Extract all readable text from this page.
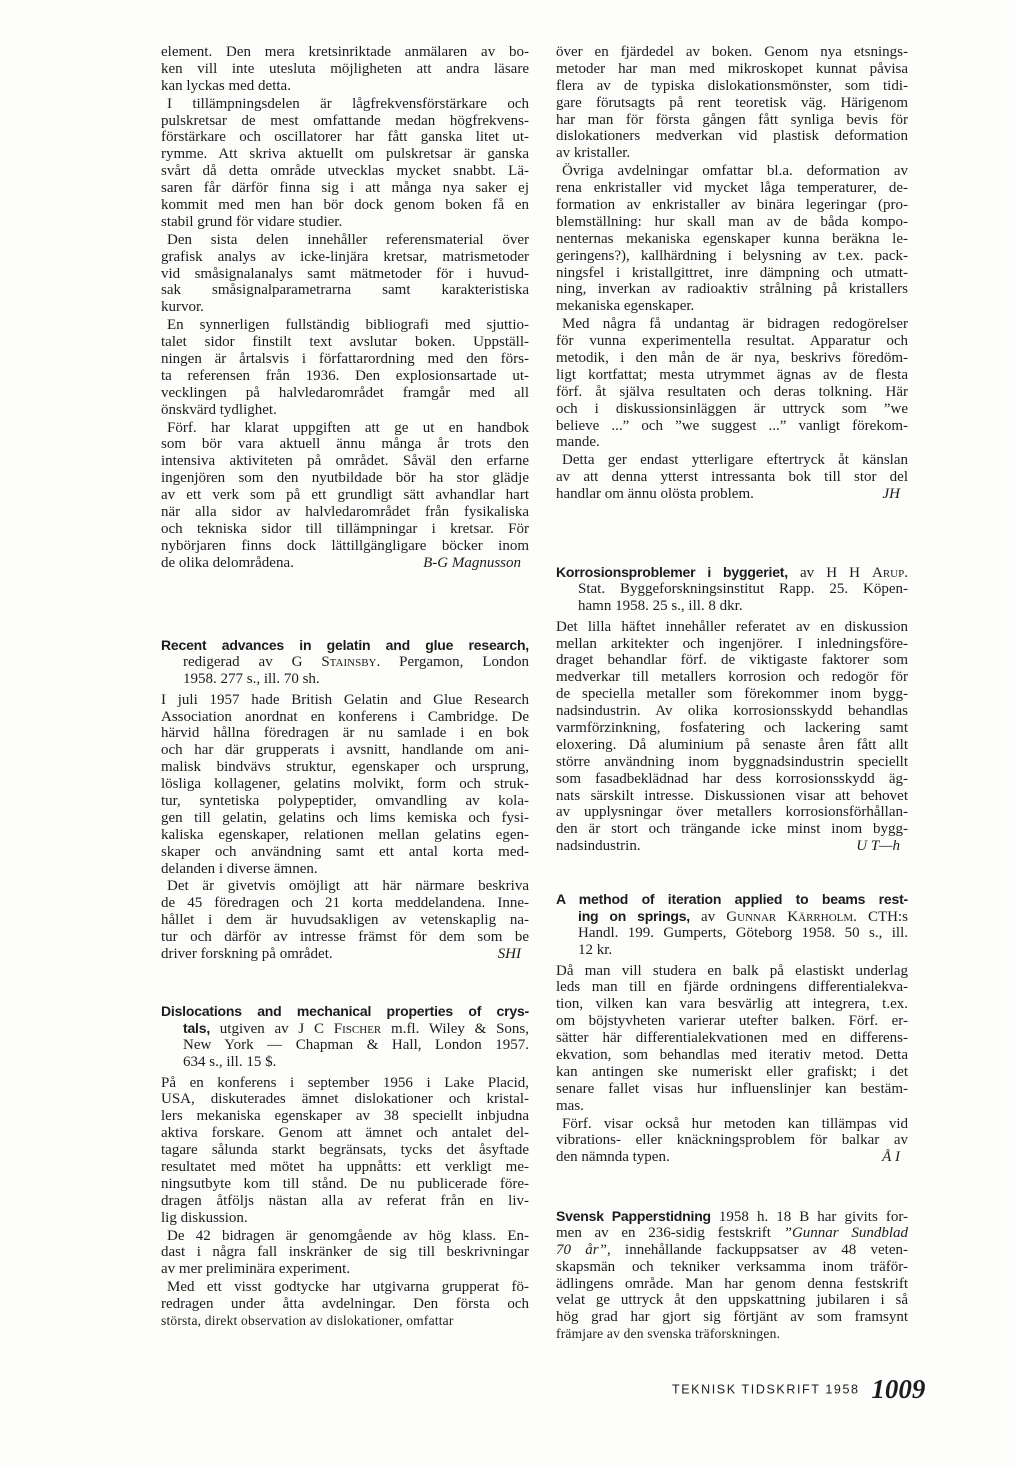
element. Den mera kretsinriktade anmälaren av bo-
ken vill inte utesluta möjligheten att andra läsare
kan lyckas med detta.
I tillämpningsdelen är lågfrekvensförstärkare och
pulskretsar de mest omfattande medan högfrekvens-
förstärkare och oscillatorer har fått ganska litet ut-
rymme. Att skriva aktuellt om pulskretsar är ganska
svårt då detta område utvecklas mycket snabbt. Lä-
saren får därför finna sig i att många nya saker ej
kommit med men han bör dock genom boken få en
stabil grund för vidare studier.
Den sista delen innehåller referensmaterial över
grafisk analys av icke-linjära kretsar, matrismetoder
vid småsignalanalys samt mätmetoder för i huvud-
sak småsignalparametrarna samt karakteristiska
kurvor.
En synnerligen fullständig bibliografi med sjuttio-
talet sidor finstilt text avslutar boken. Uppställ-
ningen är årtalsvis i författarordning med den förs-
ta referensen från 1936. Den explosionsartade ut-
vecklingen på halvledarområdet framgår med all
önskvärd tydlighet.
Förf. har klarat uppgiften att ge ut en handbok
som bör vara aktuell ännu många år trots den
intensiva aktiviteten på området. Såväl den erfarne
ingenjören som den nyutbildade bör ha stor glädje
av ett verk som på ett grundligt sätt avhandlar hart
när alla sidor av halvledarområdet från fysikaliska
och tekniska sidor till tillämpningar i kretsar. För
nybörjaren finns dock lättillgängligare böcker inom
de olika delområdena.	B-G Magnusson
Recent advances in gelatin and glue research,
redigerad av G Stainsby. Pergamon, London
1958. 277 s., ill. 70 sh.
I juli 1957 hade British Gelatin and Glue Research
Association anordnat en konferens i Cambridge. De
härvid hållna föredragen är nu samlade i en bok
och har där grupperats i avsnitt, handlande om ani-
malisk bindvävs struktur, egenskaper och ursprung,
lösliga kollagener, gelatins molvikt, form och struk-
tur, syntetiska polypeptider, omvandling av kola-
gen till gelatin, gelatins och lims kemiska och fysi-
kaliska egenskaper, relationen mellan gelatins egen-
skaper och användning samt ett antal korta med-
delanden i diverse ämnen.
Det är givetvis omöjligt att här närmare beskriva
de 45 föredragen och 21 korta meddelandena. Inne-
hållet i dem är huvudsakligen av vetenskaplig na-
tur och därför av intresse främst för dem som be
driver forskning på området.	SHI
Dislocations and mechanical properties of crys-
tals, utgiven av J C Fischer m.fl. Wiley & Sons,
New York — Chapman & Hall, London 1957.
634 s., ill. 15 $.
På en konferens i september 1956 i Lake Placid,
USA, diskuterades ämnet dislokationer och kristal-
lers mekaniska egenskaper av 38 speciellt inbjudna
aktiva forskare. Genom att ämnet och antalet del-
tagare sålunda starkt begränsats, tycks det åsyftade
resultatet med mötet ha uppnåtts: ett verkligt me-
ningsutbyte kom till stånd. De nu publicerade före-
dragen åtföljs nästan alla av referat från en liv-
lig diskussion.
De 42 bidragen är genomgående av hög klass. En-
dast i några fall inskränker de sig till beskrivningar
av mer preliminära experiment.
Med ett visst godtycke har utgivarna grupperat fö-
redragen under åtta avdelningar. Den första och
största, direkt observation av dislokationer, omfattar
över en fjärdedel av boken. Genom nya etsnings-
metoder har man med mikroskopet kunnat påvisa
flera av de typiska dislokationsmönster, som tidi-
gare förutsagts på rent teoretisk väg. Härigenom
har man för första gången fått synliga bevis för
dislokationers medverkan vid plastisk deformation
av kristaller.
Övriga avdelningar omfattar bl.a. deformation av
rena enkristaller vid mycket låga temperaturer, de-
formation av enkristaller av binära legeringar (pro-
blemställning: hur skall man av de båda kompo-
nenternas mekaniska egenskaper kunna beräkna le-
geringens?), kallhärdning i belysning av t.ex. pack-
ningsfel i kristallgittret, inre dämpning och utmatt-
ning, inverkan av radioaktiv strålning på kristallers
mekaniska egenskaper.
Med några få undantag är bidragen redogörelser
för vunna experimentella resultat. Apparatur och
metodik, i den mån de är nya, beskrivs föredöm-
ligt kortfattat; mesta utrymmet ägnas av de flesta
förf. åt själva resultaten och deras tolkning. Här
och i diskussionsinläggen är uttryck som ”we
believe ...” och ”we suggest ...” vanligt förekom-
mande.
Detta ger endast ytterligare eftertryck åt känslan
av att denna ytterst intressanta bok till stor del
handlar om ännu olösta problem.	JH
Korrosionsproblemer i byggeriet, av H H Arup.
Stat. Byggeforskningsinstitut Rapp. 25. Köpen-
hamn 1958. 25 s., ill. 8 dkr.
Det lilla häftet innehåller referatet av en diskussion
mellan arkitekter och ingenjörer. I inledningsföre-
draget behandlar förf. de viktigaste faktorer som
medverkar till metallers korrosion och redogör för
de speciella metaller som förekommer inom bygg-
nadsindustrin. Av olika korrosionsskydd behandlas
varmförzinkning, fosfatering och lackering samt
eloxering. Då aluminium på senaste åren fått allt
större användning inom byggnadsindustrin speciellt
som fasadbeklädnad har dess korrosionsskydd äg-
nats särskilt intresse. Diskussionen visar att behovet
av upplysningar över metallers korrosionsförhållan-
den är stort och trängande icke minst inom bygg-
nadsindustrin.	U T—h
A method of iteration applied to beams rest-
ing on springs, av Gunnar Kärrholm. CTH:s
Handl. 199. Gumperts, Göteborg 1958. 50 s., ill.
12 kr.
Då man vill studera en balk på elastiskt underlag
leds man till en fjärde ordningens differentialekva-
tion, vilken kan vara besvärlig att integrera, t.ex.
om böjstyvheten varierar utefter balken. Förf. er-
sätter här differentialekvationen med en differens-
ekvation, som behandlas med iterativ metod. Detta
kan antingen ske numeriskt eller grafiskt; i det
senare fallet visas hur influenslinjer kan bestäm-
mas.
Förf. visar också hur metoden kan tillämpas vid
vibrations- eller knäckningsproblem för balkar av
den nämnda typen.	Å I
Svensk Papperstidning 1958 h. 18 B har givits for-
men av en 236-sidig festskrift ”Gunnar Sundblad
70 år”, innehållande fackuppsatser av 48 veten-
skapsmän och tekniker verksamma inom träför-
ädlingens område. Man har genom denna festskrift
velat ge uttryck åt den uppskattning jubilaren i så
hög grad har gjort sig förtjänt av som framsynt
främjare av den svenska träforskningen.
TEKNISK TIDSKRIFT 1958 1009
